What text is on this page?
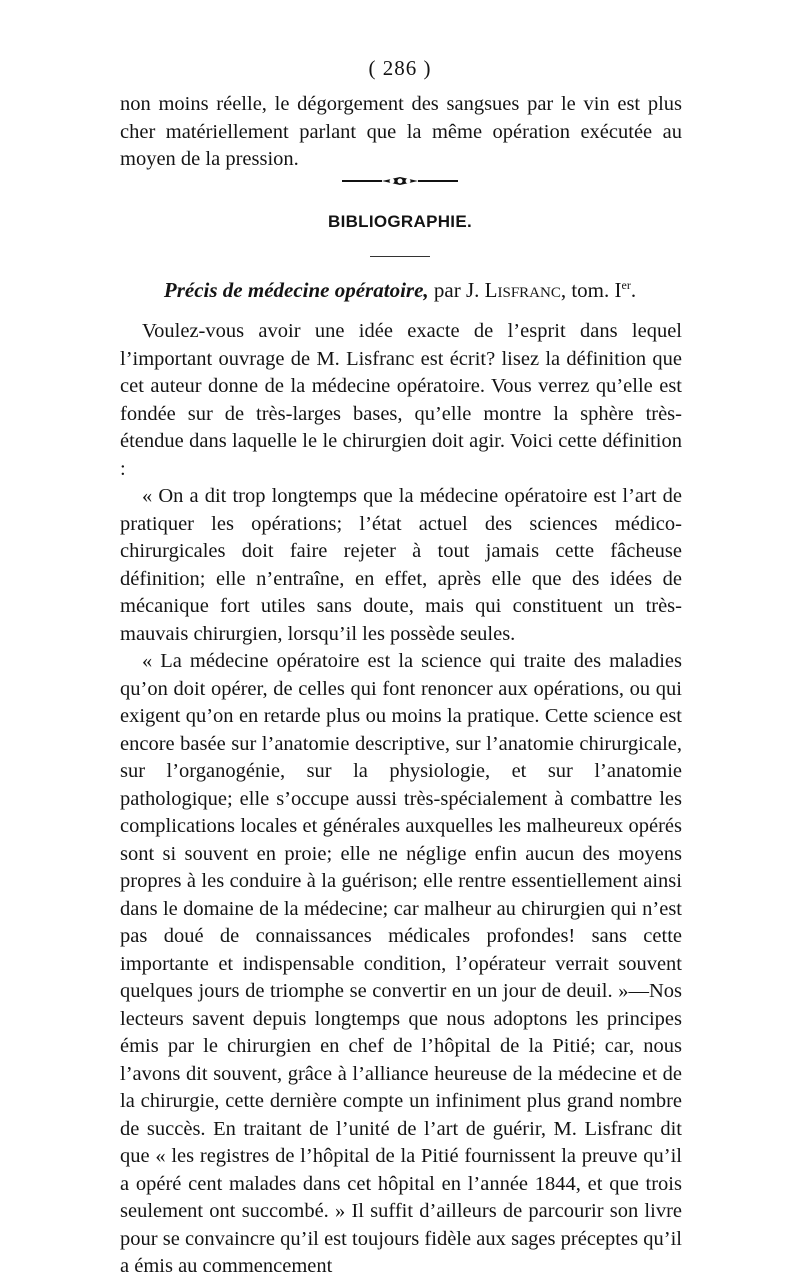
( 286 )

non moins réelle, le dégorgement des sangsues par le vin est plus cher matériellement parlant que la même opération exécutée au moyen de la pression.

BIBLIOGRAPHIE.
Précis de médecine opératoire, par J. Lisfranc, tom. Ier.

Voulez-vous avoir une idée exacte de l’esprit dans lequel l’important ouvrage de M. Lisfranc est écrit? lisez la définition que cet auteur donne de la médecine opératoire. Vous verrez qu’elle est fondée sur de très-larges bases, qu’elle montre la sphère très-étendue dans laquelle le le chirurgien doit agir. Voici cette définition :

« On a dit trop longtemps que la médecine opératoire est l’art de pratiquer les opérations; l’état actuel des sciences médico-chirurgicales doit faire rejeter à tout jamais cette fâcheuse définition; elle n’entraîne, en effet, après elle que des idées de mécanique fort utiles sans doute, mais qui constituent un très-mauvais chirurgien, lorsqu’il les possède seules.

« La médecine opératoire est la science qui traite des maladies qu’on doit opérer, de celles qui font renoncer aux opérations, ou qui exigent qu’on en retarde plus ou moins la pratique. Cette science est encore basée sur l’anatomie descriptive, sur l’anatomie chirurgicale, sur l’organogénie, sur la physiologie, et sur l’anatomie pathologique; elle s’occupe aussi très-spécialement à combattre les complications locales et générales auxquelles les malheureux opérés sont si souvent en proie; elle ne néglige enfin aucun des moyens propres à les conduire à la guérison; elle rentre essentiellement ainsi dans le domaine de la médecine; car malheur au chirurgien qui n’est pas doué de connaissances médicales profondes! sans cette importante et indispensable condition, l’opérateur verrait souvent quelques jours de triomphe se convertir en un jour de deuil. »—Nos lecteurs savent depuis longtemps que nous adoptons les principes émis par le chirurgien en chef de l’hôpital de la Pitié; car, nous l’avons dit souvent, grâce à l’alliance heureuse de la médecine et de la chirurgie, cette dernière compte un infiniment plus grand nombre de succès. En traitant de l’unité de l’art de guérir, M. Lisfranc dit que « les registres de l’hôpital de la Pitié fournissent la preuve qu’il a opéré cent malades dans cet hôpital en l’année 1844, et que trois seulement ont succombé. » Il suffit d’ailleurs de parcourir son livre pour se convaincre qu’il est toujours fidèle aux sages préceptes qu’il a émis au commencement
